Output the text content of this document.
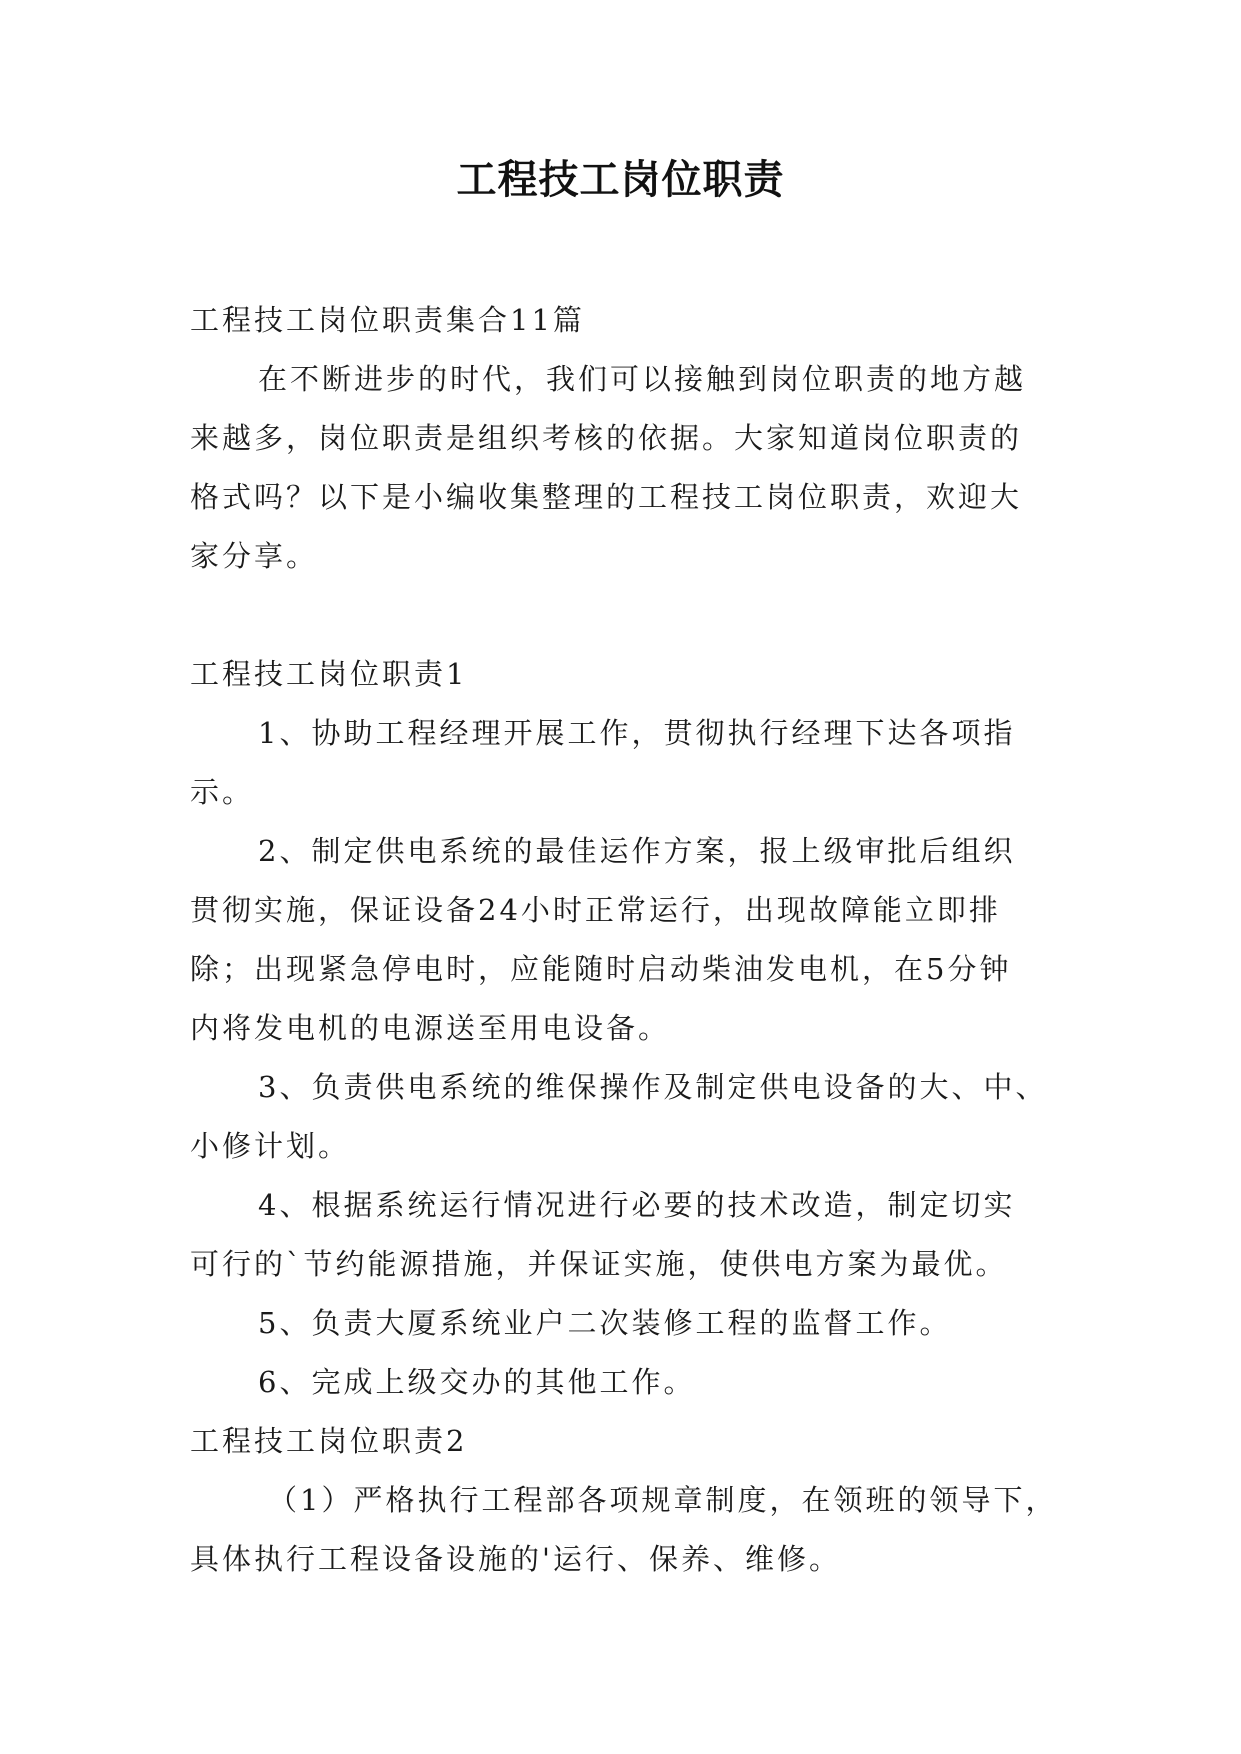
工程技工岗位职责

工程技工岗位职责集合11篇

在不断进步的时代，我们可以接触到岗位职责的地方越

来越多，岗位职责是组织考核的依据。大家知道岗位职责的

格式吗？以下是小编收集整理的工程技工岗位职责，欢迎大

家分享。

工程技工岗位职责1

1、协助工程经理开展工作，贯彻执行经理下达各项指

示。

2、制定供电系统的最佳运作方案，报上级审批后组织

贯彻实施，保证设备24小时正常运行，出现故障能立即排

除；出现紧急停电时，应能随时启动柴油发电机，在5分钟

内将发电机的电源送至用电设备。

3、负责供电系统的维保操作及制定供电设备的大、中、

小修计划。

4、根据系统运行情况进行必要的技术改造，制定切实

可行的`节约能源措施，并保证实施，使供电方案为最优。

5、负责大厦系统业户二次装修工程的监督工作。

6、完成上级交办的其他工作。

工程技工岗位职责2

（1）严格执行工程部各项规章制度，在领班的领导下，

具体执行工程设备设施的'运行、保养、维修。
